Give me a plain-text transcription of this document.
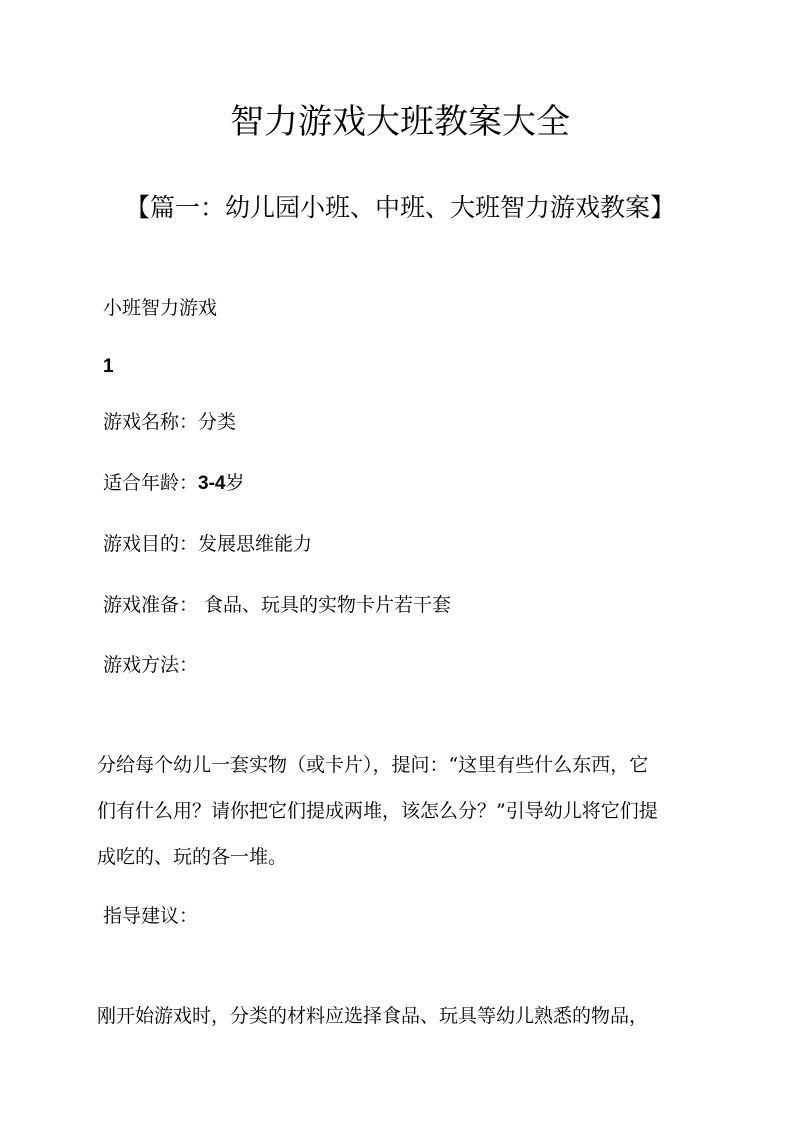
智力游戏大班教案大全
【篇一：幼儿园小班、中班、大班智力游戏教案】
小班智力游戏
1
游戏名称：分类
适合年龄：3-4岁
游戏目的：发展思维能力
游戏准备： 食品、玩具的实物卡片若干套
游戏方法：
分给每个幼儿一套实物（或卡片），提问：“这里有些什么东西，它
们有什么用？请你把它们提成两堆，该怎么分？”引导幼儿将它们提
成吃的、玩的各一堆。
指导建议：
刚开始游戏时，分类的材料应选择食品、玩具等幼儿熟悉的物品，
